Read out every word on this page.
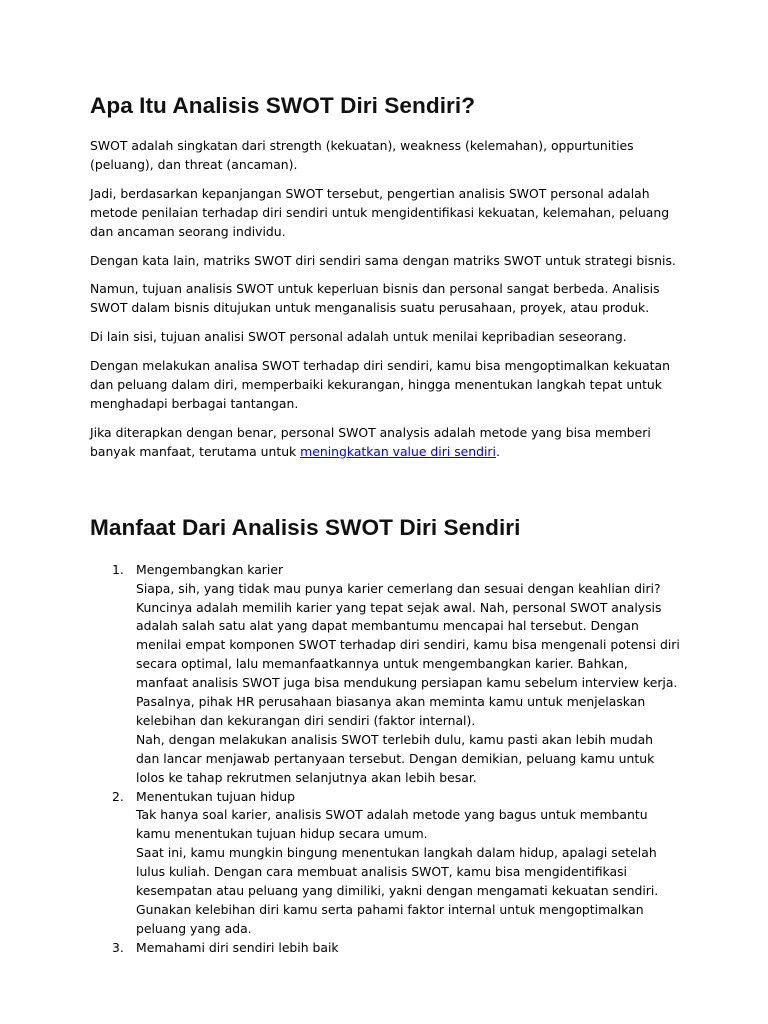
Apa Itu Analisis SWOT Diri Sendiri?

SWOT adalah singkatan dari strength (kekuatan), weakness (kelemahan), oppurtunities (peluang), dan threat (ancaman).

Jadi, berdasarkan kepanjangan SWOT tersebut, pengertian analisis SWOT personal adalah metode penilaian terhadap diri sendiri untuk mengidentifikasi kekuatan, kelemahan, peluang dan ancaman seorang individu.

Dengan kata lain, matriks SWOT diri sendiri sama dengan matriks SWOT untuk strategi bisnis.

Namun, tujuan analisis SWOT untuk keperluan bisnis dan personal sangat berbeda. Analisis SWOT dalam bisnis ditujukan untuk menganalisis suatu perusahaan, proyek, atau produk.

Di lain sisi, tujuan analisi SWOT personal adalah untuk menilai kepribadian seseorang.

Dengan melakukan analisa SWOT terhadap diri sendiri, kamu bisa mengoptimalkan kekuatan dan peluang dalam diri, memperbaiki kekurangan, hingga menentukan langkah tepat untuk menghadapi berbagai tantangan.

Jika diterapkan dengan benar, personal SWOT analysis adalah metode yang bisa memberi banyak manfaat, terutama untuk meningkatkan value diri sendiri.

Manfaat Dari Analisis SWOT Diri Sendiri
1. Mengembangkan karier
Siapa, sih, yang tidak mau punya karier cemerlang dan sesuai dengan keahlian diri? Kuncinya adalah memilih karier yang tepat sejak awal. Nah, personal SWOT analysis adalah salah satu alat yang dapat membantumu mencapai hal tersebut. Dengan menilai empat komponen SWOT terhadap diri sendiri, kamu bisa mengenali potensi diri secara optimal, lalu memanfaatkannya untuk mengembangkan karier. Bahkan, manfaat analisis SWOT juga bisa mendukung persiapan kamu sebelum interview kerja. Pasalnya, pihak HR perusahaan biasanya akan meminta kamu untuk menjelaskan kelebihan dan kekurangan diri sendiri (faktor internal).
Nah, dengan melakukan analisis SWOT terlebih dulu, kamu pasti akan lebih mudah dan lancar menjawab pertanyaan tersebut. Dengan demikian, peluang kamu untuk lolos ke tahap rekrutmen selanjutnya akan lebih besar.
2. Menentukan tujuan hidup
Tak hanya soal karier, analisis SWOT adalah metode yang bagus untuk membantu kamu menentukan tujuan hidup secara umum.
Saat ini, kamu mungkin bingung menentukan langkah dalam hidup, apalagi setelah lulus kuliah. Dengan cara membuat analisis SWOT, kamu bisa mengidentifikasi kesempatan atau peluang yang dimiliki, yakni dengan mengamati kekuatan sendiri. Gunakan kelebihan diri kamu serta pahami faktor internal untuk mengoptimalkan peluang yang ada.
3. Memahami diri sendiri lebih baik
